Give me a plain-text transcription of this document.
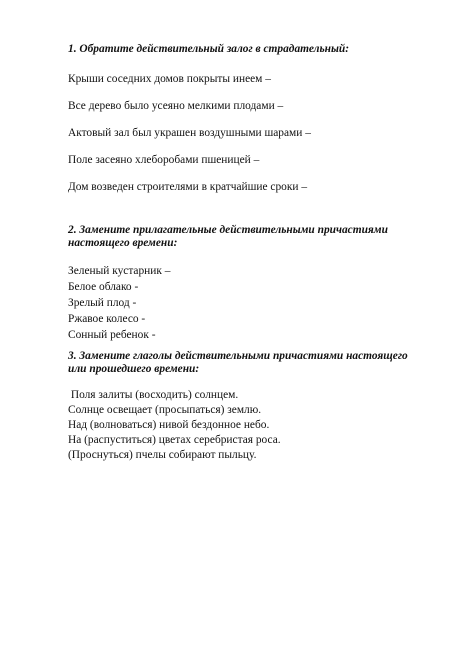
1. Обратите действительный залог в страдательный:
Крыши соседних домов покрыты инеем –
Все дерево было усеяно мелкими плодами –
Актовый зал был украшен воздушными шарами –
Поле засеяно хлеборобами пшеницей –
Дом возведен строителями в кратчайшие сроки –
2. Замените прилагательные действительными причастиями
настоящего времени:
Зеленый кустарник –
Белое облако -
Зрелый плод -
Ржавое колесо -
Сонный ребенок -
3. Замените глаголы действительными причастиями настоящего
или прошедшего времени:
Поля залиты (восходить) солнцем.
Солнце освещает (просыпаться) землю.
Над (волноваться) нивой бездонное небо.
На (распуститься) цветах серебристая роса.
(Проснуться) пчелы собирают пыльцу.
